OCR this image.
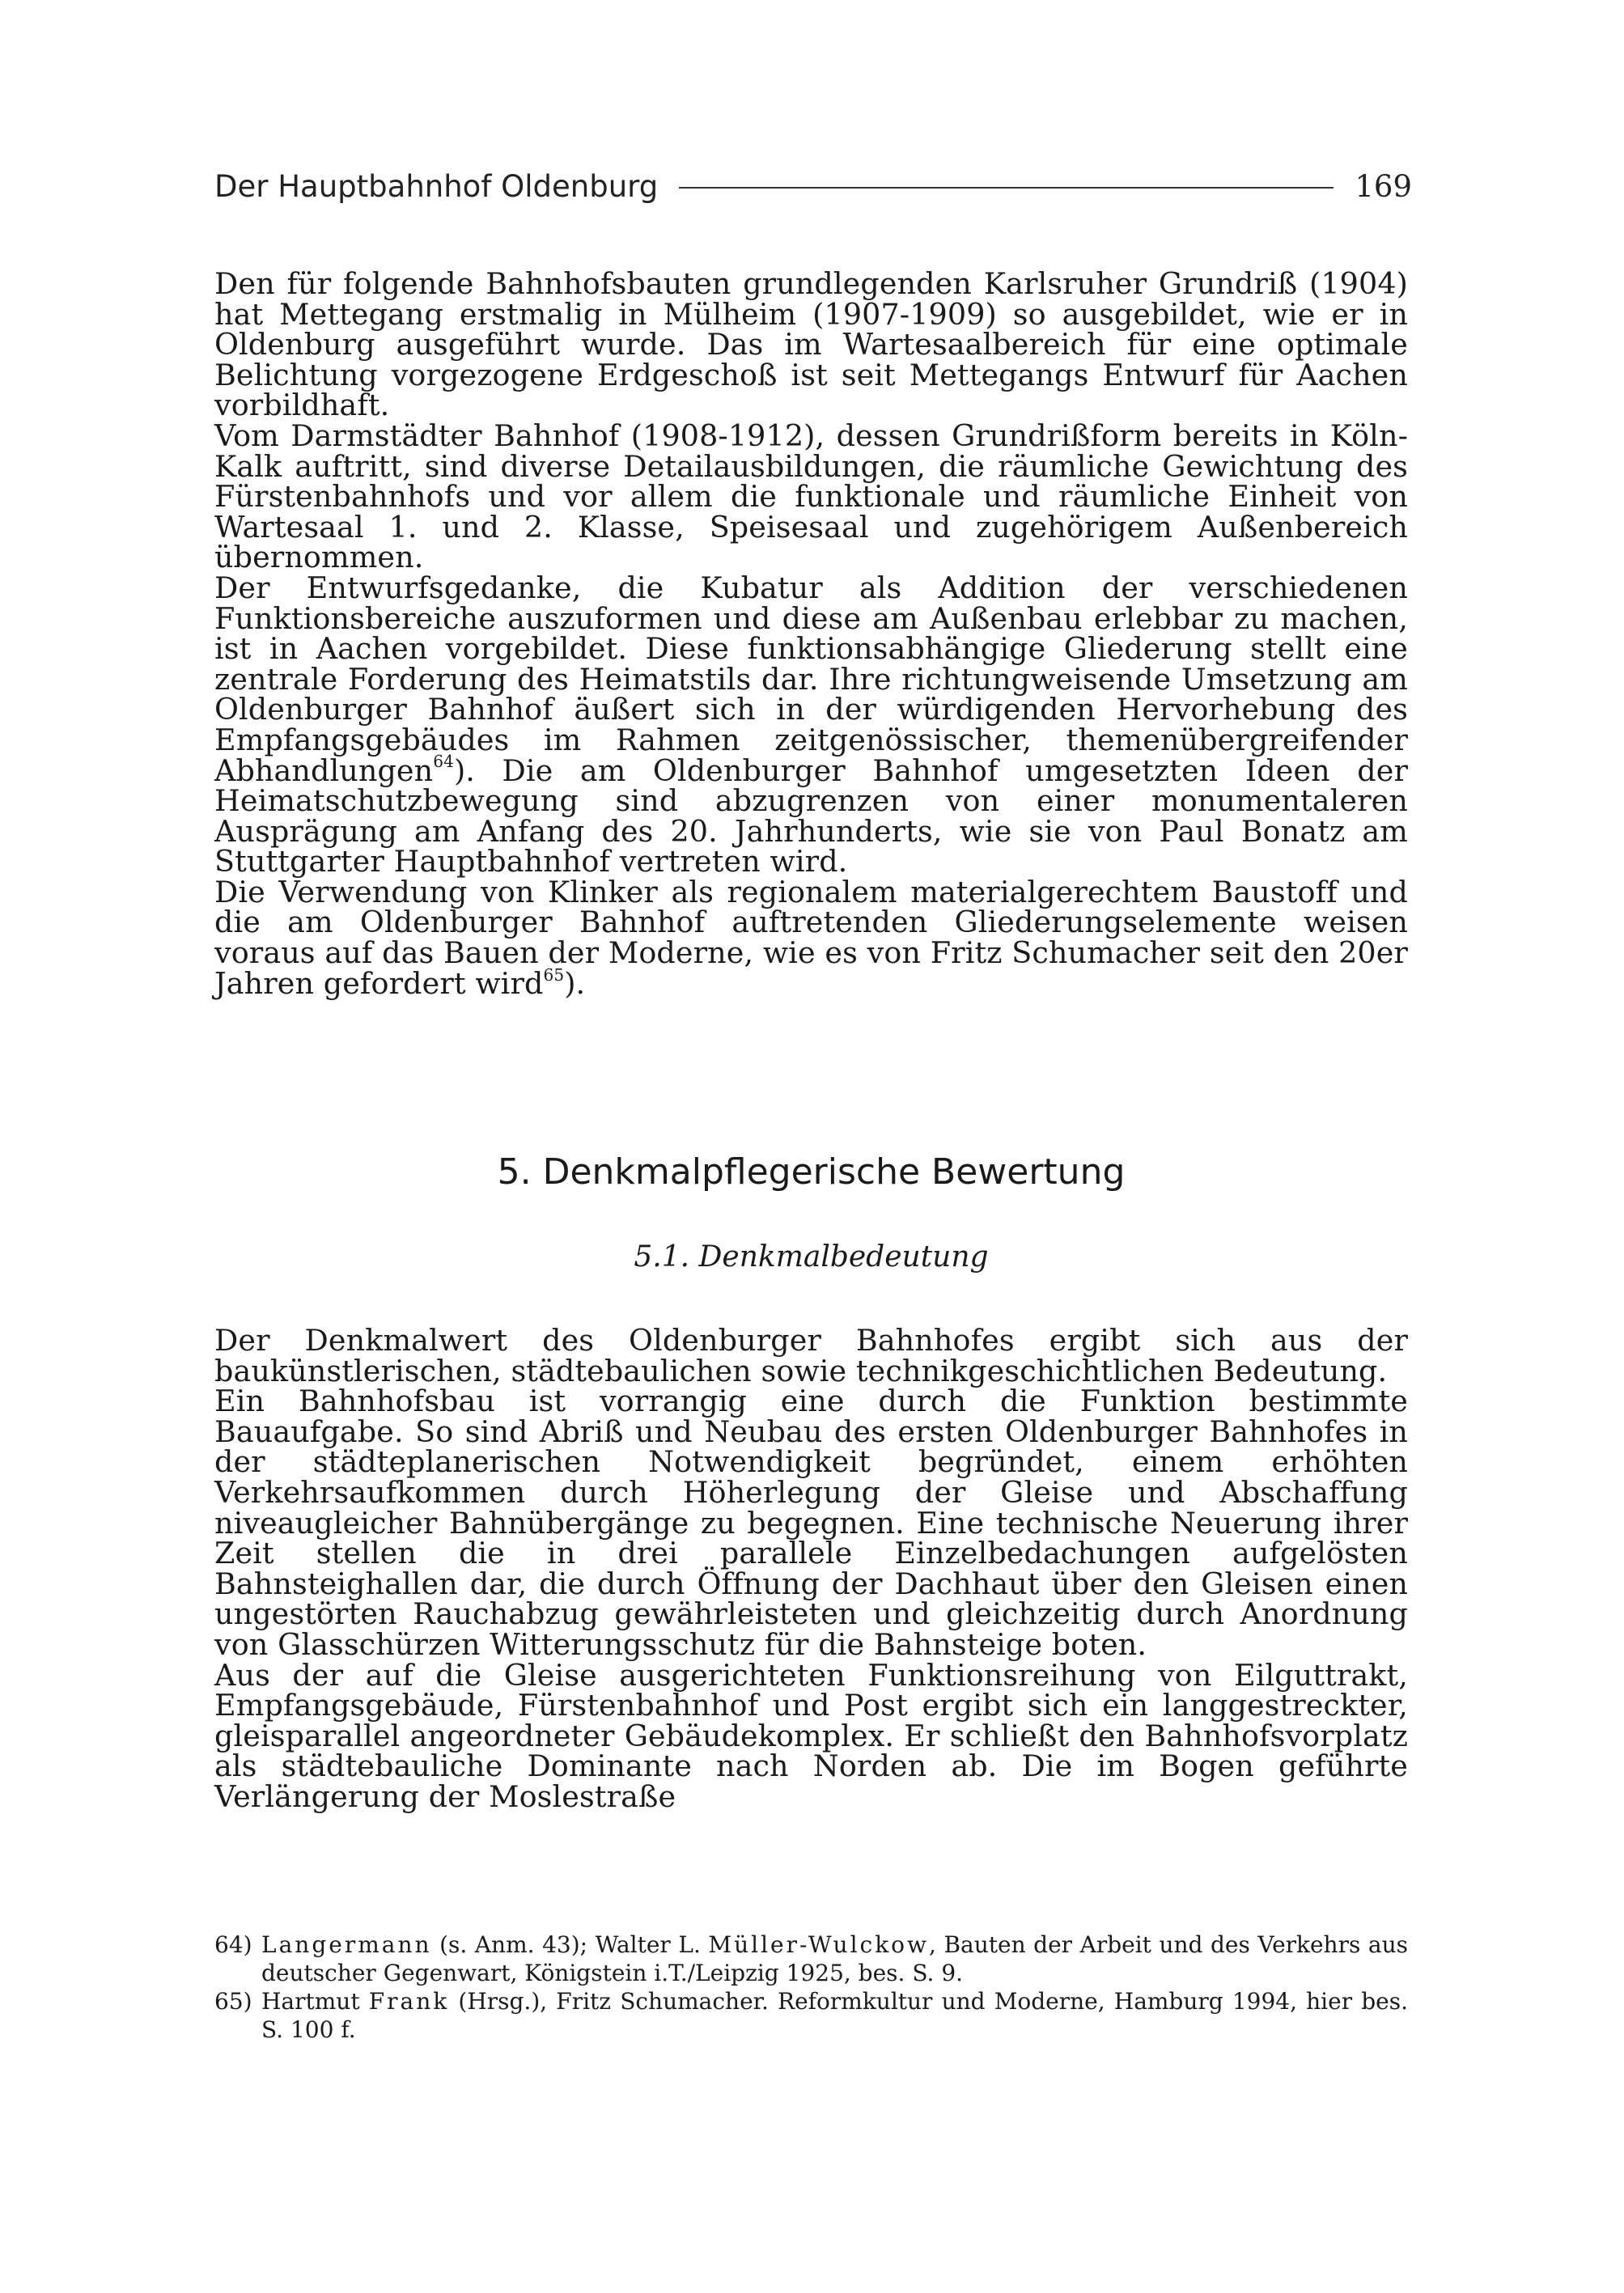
Der Hauptbahnhof Oldenburg	169

Den für folgende Bahnhofsbauten grundlegenden Karlsruher Grundriß (1904) hat Mettegang erstmalig in Mülheim (1907-1909) so ausgebildet, wie er in Oldenburg ausgeführt wurde. Das im Wartesaalbereich für eine optimale Belichtung vorgezogene Erdgeschoß ist seit Mettegangs Entwurf für Aachen vorbildhaft.

Vom Darmstädter Bahnhof (1908-1912), dessen Grundrißform bereits in Köln-Kalk auftritt, sind diverse Detailausbildungen, die räumliche Gewichtung des Fürstenbahnhofs und vor allem die funktionale und räumliche Einheit von Wartesaal 1. und 2. Klasse, Speisesaal und zugehörigem Außenbereich übernommen.

Der Entwurfsgedanke, die Kubatur als Addition der verschiedenen Funktionsbereiche auszuformen und diese am Außenbau erlebbar zu machen, ist in Aachen vorgebildet. Diese funktionsabhängige Gliederung stellt eine zentrale Forderung des Heimatstils dar. Ihre richtungweisende Umsetzung am Oldenburger Bahnhof äußert sich in der würdigenden Hervorhebung des Empfangsgebäudes im Rahmen zeitgenössischer, themenübergreifender Abhandlungen$^{64}$). Die am Oldenburger Bahnhof umgesetzten Ideen der Heimatschutzbewegung sind abzugrenzen von einer monumentaleren Ausprägung am Anfang des 20. Jahrhunderts, wie sie von Paul Bonatz am Stuttgarter Hauptbahnhof vertreten wird.

Die Verwendung von Klinker als regionalem materialgerechtem Baustoff und die am Oldenburger Bahnhof auftretenden Gliederungselemente weisen voraus auf das Bauen der Moderne, wie es von Fritz Schumacher seit den 20er Jahren gefordert wird$^{65}$).

5. Denkmalpflegerische Bewertung
5.1. Denkmalbedeutung

Der Denkmalwert des Oldenburger Bahnhofes ergibt sich aus der baukünstlerischen, städtebaulichen sowie technikgeschichtlichen Bedeutung.

Ein Bahnhofsbau ist vorrangig eine durch die Funktion bestimmte Bauaufgabe. So sind Abriß und Neubau des ersten Oldenburger Bahnhofes in der städteplanerischen Notwendigkeit begründet, einem erhöhten Verkehrsaufkommen durch Höherlegung der Gleise und Abschaffung niveaugleicher Bahnübergänge zu begegnen. Eine technische Neuerung ihrer Zeit stellen die in drei parallele Einzelbedachungen aufgelösten Bahnsteighallen dar, die durch Öffnung der Dachhaut über den Gleisen einen ungestörten Rauchabzug gewährleisteten und gleichzeitig durch Anordnung von Glasschürzen Witterungsschutz für die Bahnsteige boten.

Aus der auf die Gleise ausgerichteten Funktionsreihung von Eilguttrakt, Empfangsgebäude, Fürstenbahnhof und Post ergibt sich ein langgestreckter, gleisparallel angeordneter Gebäudekomplex. Er schließt den Bahnhofsvorplatz als städtebauliche Dominante nach Norden ab. Die im Bogen geführte Verlängerung der Moslestraße

64) Langermann (s. Anm. 43); Walter L. Müller-Wulckow, Bauten der Arbeit und des Verkehrs aus deutscher Gegenwart, Königstein i.T./Leipzig 1925, bes. S. 9.
65) Hartmut Frank (Hrsg.), Fritz Schumacher. Reformkultur und Moderne, Hamburg 1994, hier bes. S. 100 f.
